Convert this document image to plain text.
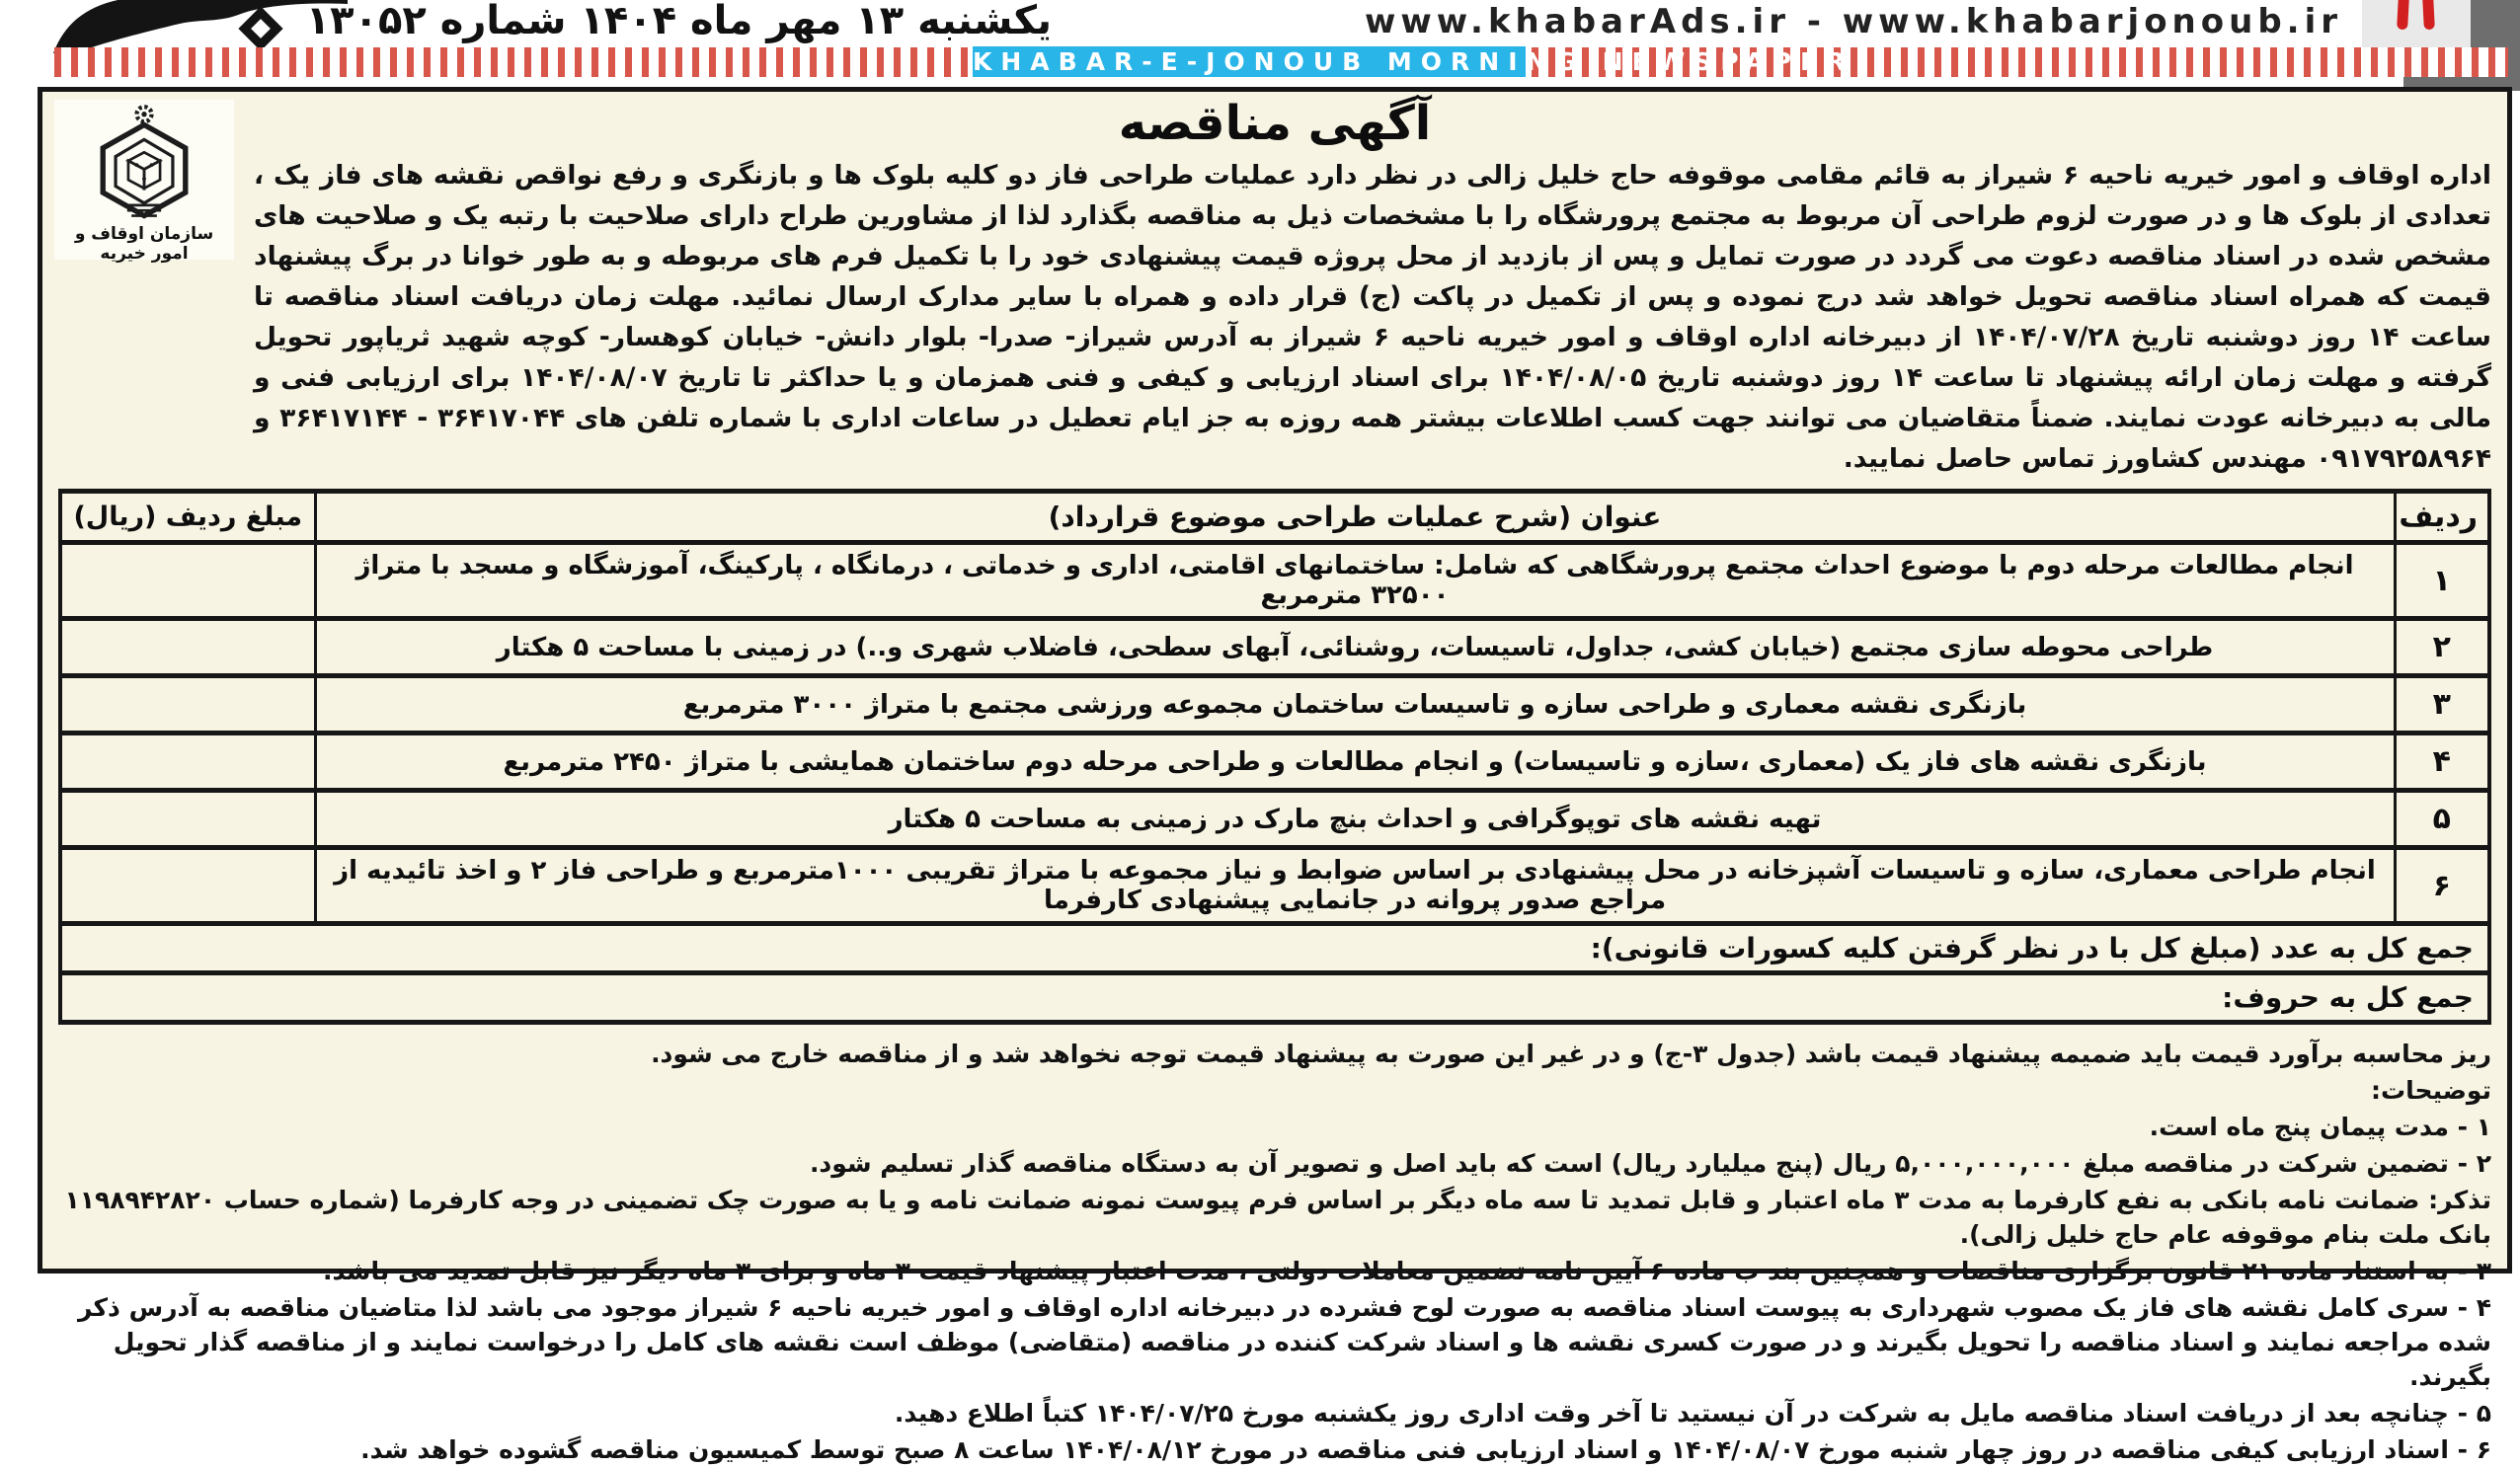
یکشنبه ۱۳ مهر ماه ۱۴۰۴ شماره ۱۳۰۵۲	www.khabarAds.ir - www.khabarjonoub.ir
KHABAR-E-JONOUB MORNING NEWSPAPER
سازمان اوقاف و امور خیریه
آگهی مناقصه
اداره اوقاف و امور خیریه ناحیه ۶ شیراز به قائم مقامی موقوفه حاج خلیل زالی در نظر دارد عملیات طراحی فاز دو کلیه بلوک ها و بازنگری و رفع نواقص نقشه های فاز یک ، تعدادی از بلوک ها و در صورت لزوم طراحی آن مربوط به مجتمع پرورشگاه را با مشخصات ذیل به مناقصه بگذارد لذا از مشاورین طراح دارای صلاحیت با رتبه یک و صلاحیت های مشخص شده در اسناد مناقصه دعوت می گردد در صورت تمایل و پس از بازدید از محل پروژه قیمت پیشنهادی خود را با تکمیل فرم های مربوطه و به طور خوانا در برگ پیشنهاد قیمت که همراه اسناد مناقصه تحویل خواهد شد درج نموده و پس از تکمیل در پاکت (ج) قرار داده و همراه با سایر مدارک ارسال نمائید. مهلت زمان دریافت اسناد مناقصه تا ساعت ۱۴ روز دوشنبه تاریخ ۱۴۰۴/۰۷/۲۸ از دبیرخانه اداره اوقاف و امور خیریه ناحیه ۶ شیراز به آدرس شیراز- صدرا- بلوار دانش- خیابان کوهسار- کوچه شهید ثریاپور تحویل گرفته و مهلت زمان ارائه پیشنهاد تا ساعت ۱۴ روز دوشنبه تاریخ ۱۴۰۴/۰۸/۰۵ برای اسناد ارزیابی و کیفی و فنی همزمان و یا حداکثر تا تاریخ ۱۴۰۴/۰۸/۰۷ برای ارزیابی فنی و مالی به دبیرخانه عودت نمایند. ضمناً متقاضیان می توانند جهت کسب اطلاعات بیشتر همه روزه به جز ایام تعطیل در ساعات اداری با شماره تلفن های ۳۶۴۱۷۰۴۴ - ۳۶۴۱۷۱۴۴ و ۰۹۱۷۹۲۵۸۹۶۴ مهندس کشاورز تماس حاصل نمایید.
ردیف	عنوان (شرح عملیات طراحی موضوع قرارداد)	مبلغ ردیف (ریال)
۱	انجام مطالعات مرحله دوم با موضوع احداث مجتمع پرورشگاهی که شامل: ساختمانهای اقامتی، اداری و خدماتی ، درمانگاه ، پارکینگ، آموزشگاه و مسجد با متراژ ۳۲۵۰۰ مترمربع	
۲	طراحی محوطه سازی مجتمع (خیابان کشی، جداول، تاسیسات، روشنائی، آبهای سطحی، فاضلاب شهری و..) در زمینی با مساحت ۵ هکتار	
۳	بازنگری نقشه معماری و طراحی سازه و تاسیسات ساختمان مجموعه ورزشی مجتمع با متراژ ۳۰۰۰ مترمربع	
۴	بازنگری نقشه های فاز یک (معماری ،سازه و تاسیسات) و انجام مطالعات و طراحی مرحله دوم ساختمان همایشی با متراژ ۲۴۵۰ مترمربع	
۵	تهیه نقشه های توپوگرافی و احداث بنچ مارک در زمینی به مساحت ۵ هکتار	
۶	انجام طراحی معماری، سازه و تاسیسات آشپزخانه در محل پیشنهادی بر اساس ضوابط و نیاز مجموعه با متراژ تقریبی ۱۰۰۰مترمربع و طراحی فاز ۲ و اخذ تائیدیه از مراجع صدور پروانه در جانمایی پیشنهادی کارفرما	
جمع کل به عدد (مبلغ کل با در نظر گرفتن کلیه کسورات قانونی):		
جمع کل به حروف:		
ریز محاسبه برآورد قیمت باید ضمیمه پیشنهاد قیمت باشد (جدول ۳-ج) و در غیر این صورت به پیشنهاد قیمت توجه نخواهد شد و از مناقصه خارج می شود.
توضیحات:
۱ - مدت پیمان پنج ماه است.
۲ - تضمین شرکت در مناقصه مبلغ ۵,۰۰۰,۰۰۰,۰۰۰ ریال (پنج میلیارد ریال) است که باید اصل و تصویر آن به دستگاه مناقصه گذار تسلیم شود.
تذکر: ضمانت نامه بانکی به نفع کارفرما به مدت ۳ ماه اعتبار و قابل تمدید تا سه ماه دیگر بر اساس فرم پیوست نمونه ضمانت نامه و یا به صورت چک تضمینی در وجه کارفرما (شماره حساب ۱۱۹۸۹۴۲۸۲۰ بانک ملت بنام موقوفه عام حاج خلیل زالی).
۳ - به استناد ماده ۲۱ قانون برگزاری مناقصات و همچنین بند ب ماده ۶ آیین نامه تضمین معاملات دولتی ، مدت اعتبار پیشنهاد قیمت ۳ ماه و برای ۳ ماه دیگر نیز قابل تمدید می باشد.
۴ - سری کامل نقشه های فاز یک مصوب شهرداری به پیوست اسناد مناقصه به صورت لوح فشرده در دبیرخانه اداره اوقاف و امور خیریه ناحیه ۶ شیراز موجود می باشد لذا متاضیان مناقصه به آدرس ذکر شده مراجعه نمایند و اسناد مناقصه را تحویل بگیرند و در صورت کسری نقشه ها و اسناد شرکت کننده در مناقصه (متقاضی) موظف است نقشه های کامل را درخواست نمایند و از مناقصه گذار تحویل بگیرند.
۵ - چنانچه بعد از دریافت اسناد مناقصه مایل به شرکت در آن نیستید تا آخر وقت اداری روز یکشنبه مورخ ۱۴۰۴/۰۷/۲۵ کتباً اطلاع دهید.
۶ - اسناد ارزیابی کیفی مناقصه در روز چهار شنبه مورخ ۱۴۰۴/۰۸/۰۷ و اسناد ارزیابی فنی مناقصه در مورخ ۱۴۰۴/۰۸/۱۲ ساعت ۸ صبح توسط کمیسیون مناقصه گشوده خواهد شد.
